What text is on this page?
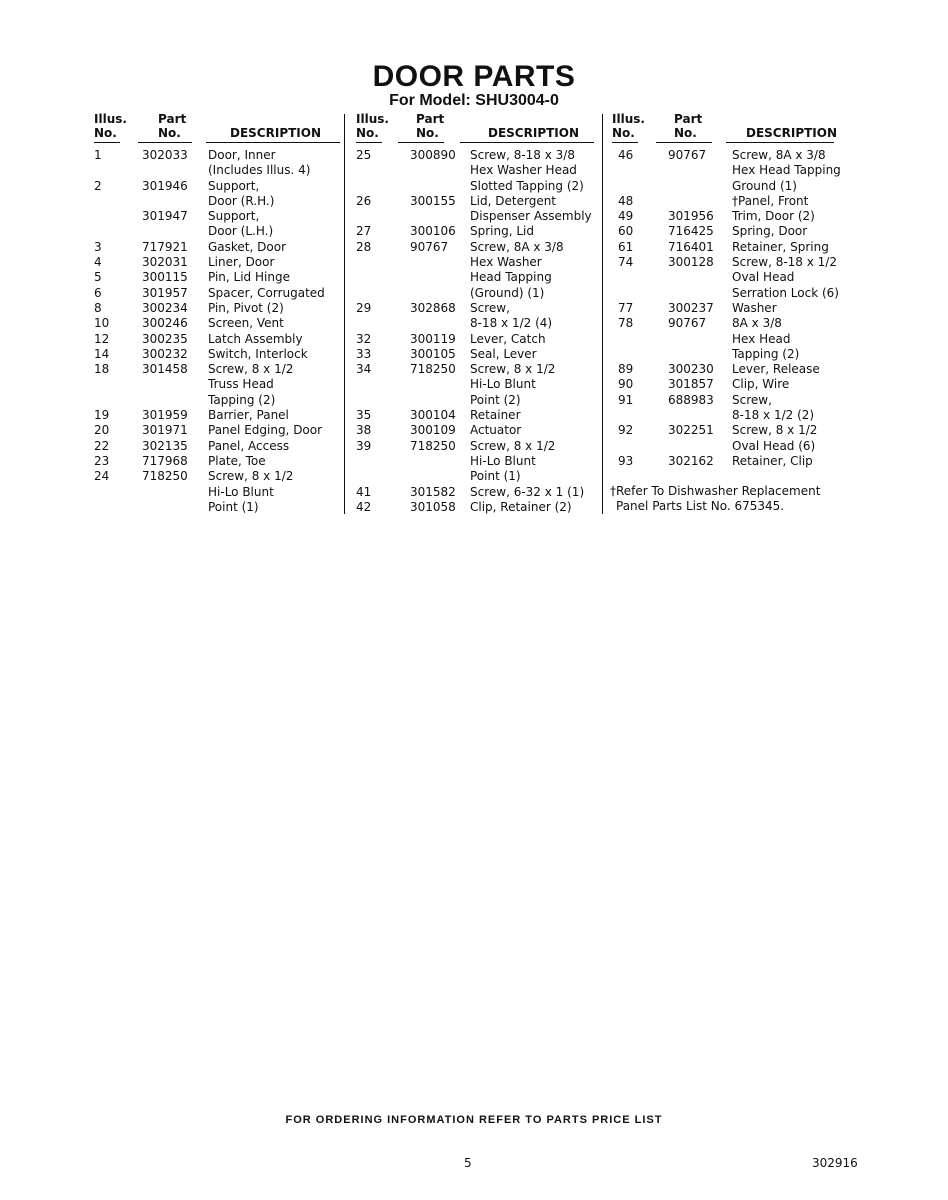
DOOR PARTS
For Model: SHU3004-0
Illus.
No.
Part
No.	DESCRIPTION
1	302033 Door, Inner
(Includes Illus. 4)
2	301946 Support,
Door (R.H.)
301947 Support,
Door (L.H.)
3	717921 Gasket, Door
4	302031 Liner, Door
5	300115 Pin, Lid Hinge
6	301957 Spacer, Corrugated
8	300234 Pin, Pivot (2)
10	300246 Screen, Vent
12	300235 Latch Assembly
14	300232 Switch, Interlock
18	301458 Screw, 8 x 1/2
Truss Head
Tapping (2)
19	301959 Barrier, Panel
20	301971 Panel Edging, Door
22	302135 Panel, Access
23	717968 Plate, Toe
24	718250 Screw, 8 x 1/2
Hi-Lo Blunt
Point (1)
Illus.
No.
Part
No.	DESCRIPTION
25	300890 Screw, 8-18 x 3/8
Hex Washer Head
Slotted Tapping (2)
26	300155 Lid, Detergent
Dispenser Assembly
27	300106 Spring, Lid
28	90767 Screw, 8A x 3/8
Hex Washer
Head Tapping
(Ground) (1)
29	302868 Screw,
8-18 x 1/2 (4)
32	300119 Lever, Catch
33	300105 Seal, Lever
34	718250 Screw, 8 x 1/2
Hi-Lo Blunt
Point (2)
35	300104 Retainer
38	300109 Actuator
39	718250 Screw, 8 x 1/2
Hi-Lo Blunt
Point (1)
41	301582 Screw, 6-32 x 1 (1)
42	301058 Clip, Retainer (2)
Illus.
No.
Part
No.	DESCRIPTION
46	90767 Screw, 8A x 3/8
Hex Head Tapping
Ground (1)
48	†Panel, Front
49	301956 Trim, Door (2)
60	716425 Spring, Door
61	716401 Retainer, Spring
74	300128 Screw, 8-18 x 1/2
Oval Head
Serration Lock (6)
77	300237 Washer
78	90767 8A x 3/8
Hex Head
Tapping (2)
89	300230 Lever, Release
90	301857 Clip, Wire
91	688983 Screw,
8-18 x 1/2 (2)
92	302251 Screw, 8 x 1/2
Oval Head (6)
93	302162 Retainer, Clip
†Refer To Dishwasher Replacement
Panel Parts List No. 675345.
FOR ORDERING INFORMATION REFER TO PARTS PRICE LIST
5	302916
